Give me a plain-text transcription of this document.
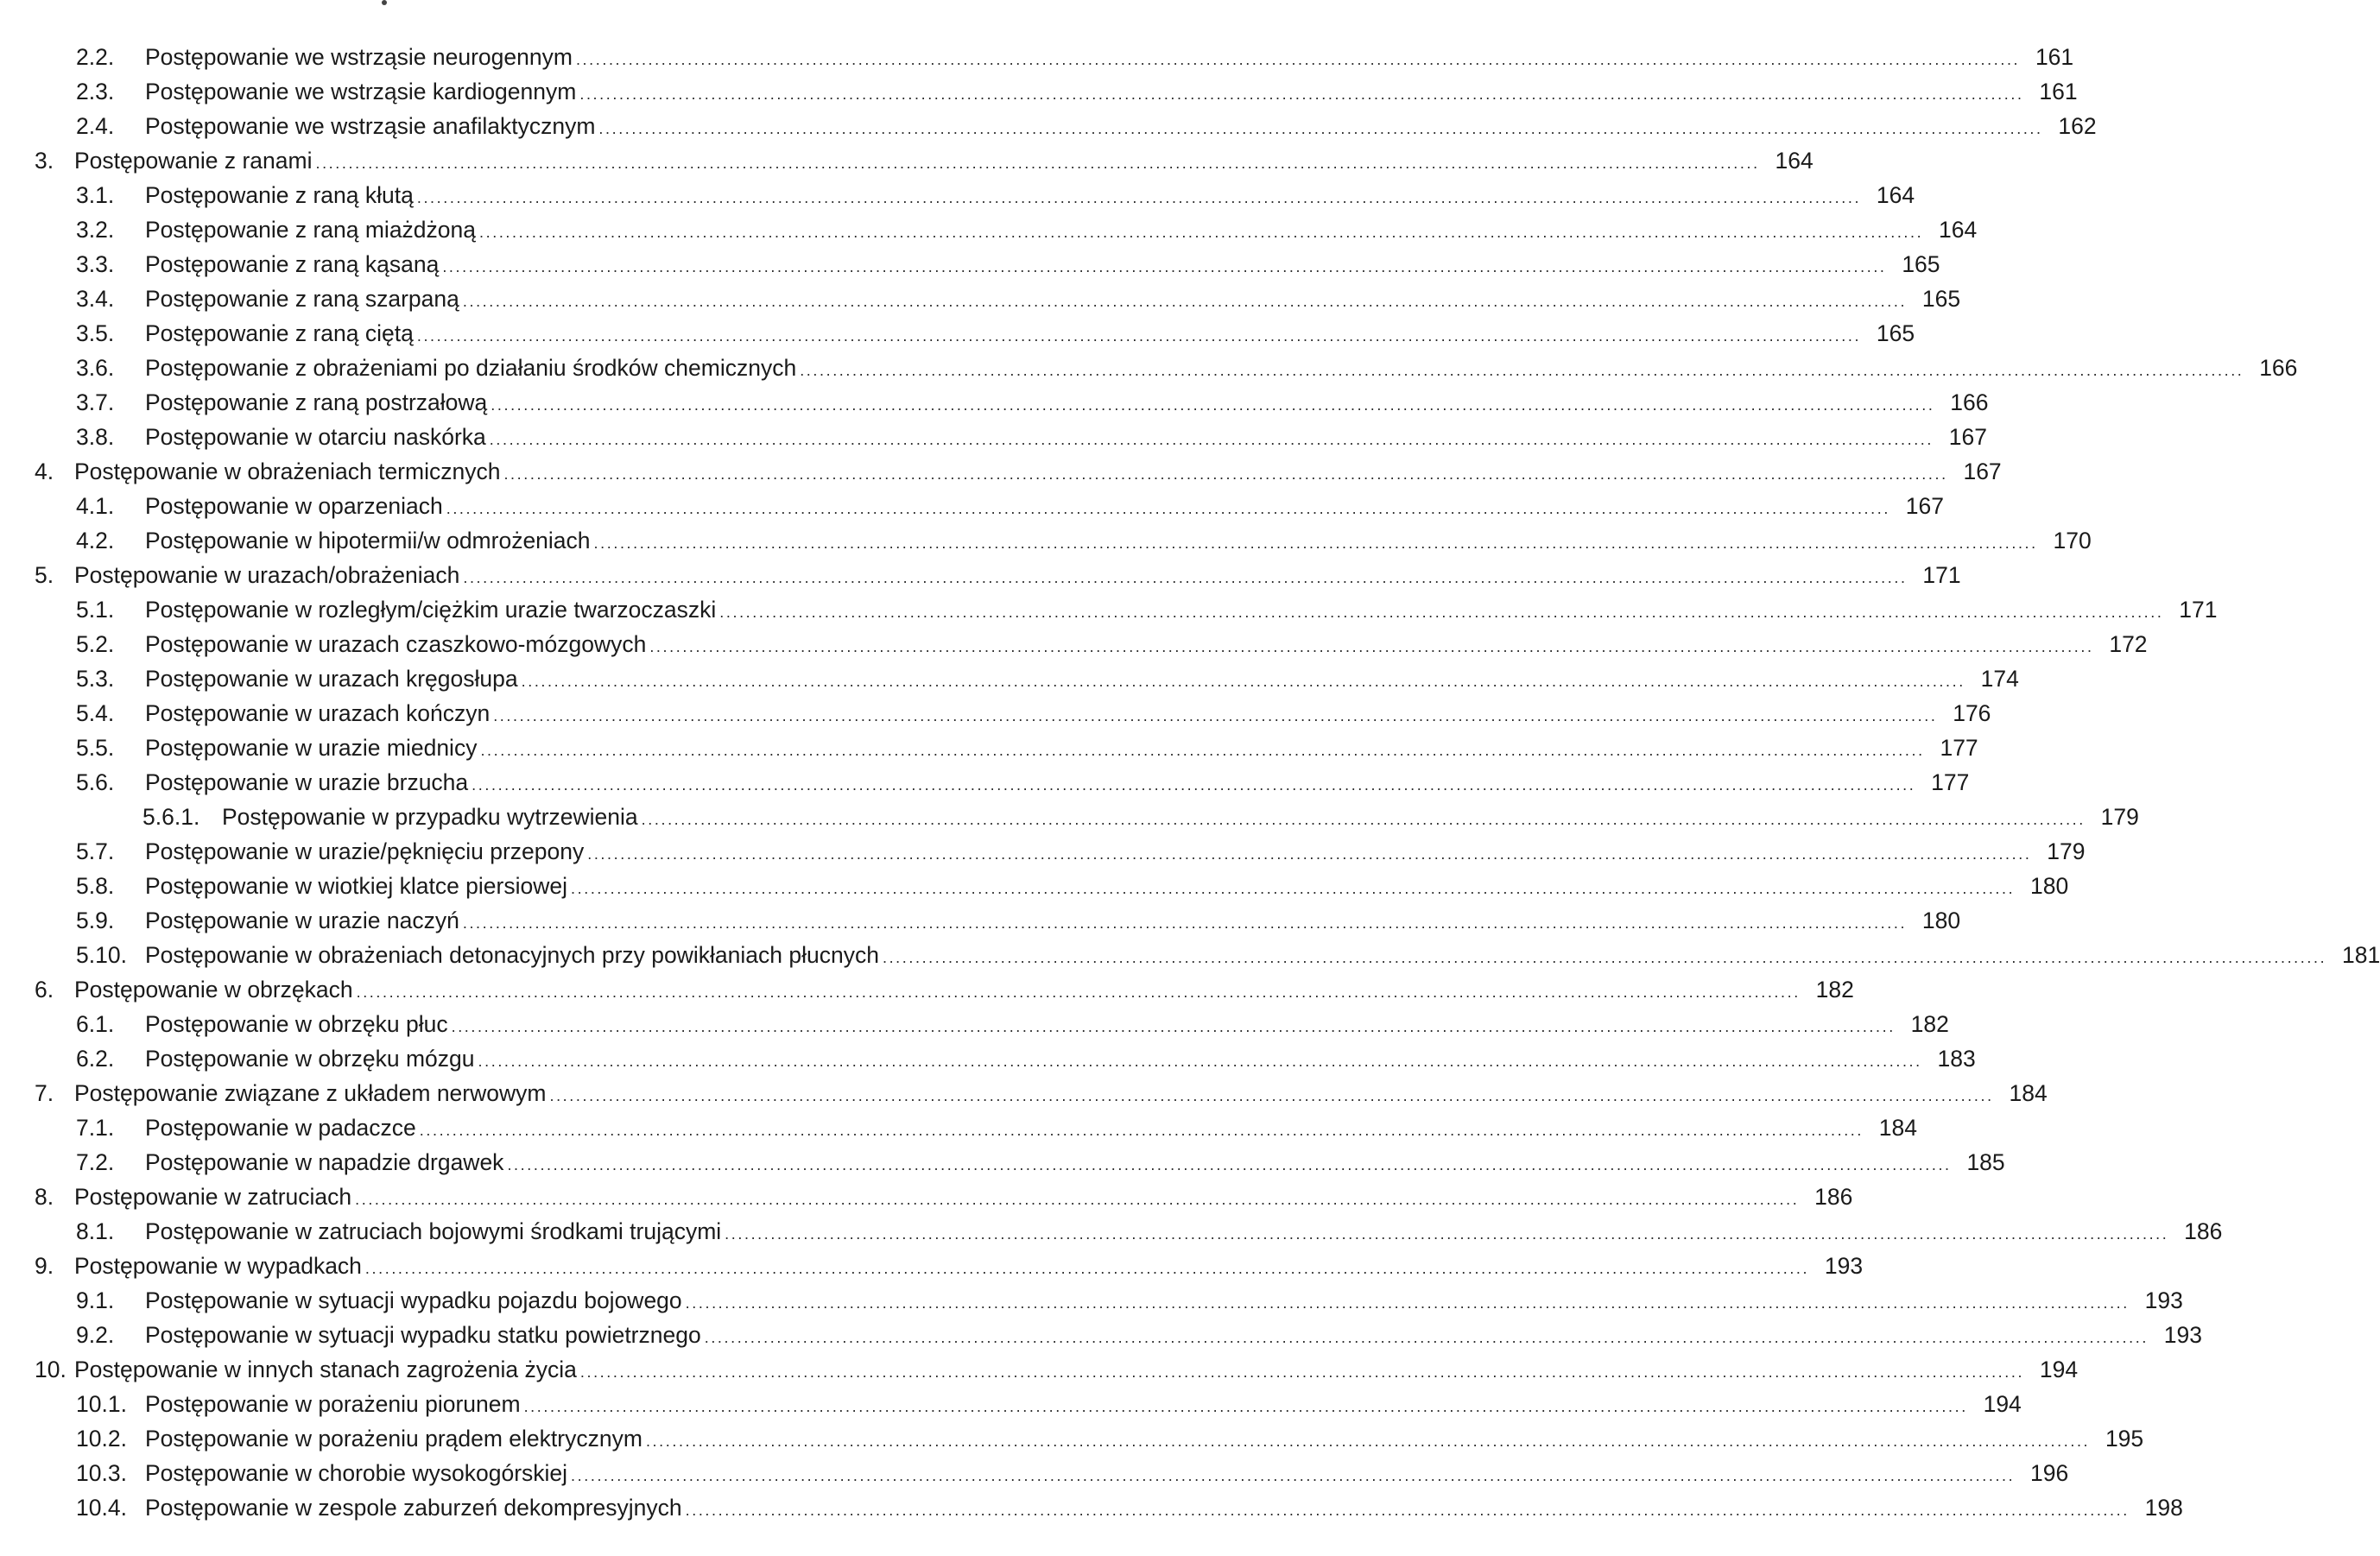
2.2.	Postępowanie we wstrząsie neurogennym ............................................................................................................................................................................................................................ 161
2.3.	Postępowanie we wstrząsie kardiogennym ............................................................................................................................................................................................................................ 161
2.4.	Postępowanie we wstrząsie anafilaktycznym ............................................................................................................................................................................................................................ 162
3. Postępowanie z ranami ............................................................................................................................................................................................................................ 164
3.1.	Postępowanie z raną kłutą ............................................................................................................................................................................................................................ 164
3.2.	Postępowanie z raną miażdżoną ............................................................................................................................................................................................................................ 164
3.3.	Postępowanie z raną kąsaną ............................................................................................................................................................................................................................ 165
3.4.	Postępowanie z raną szarpaną ............................................................................................................................................................................................................................ 165
3.5.	Postępowanie z raną ciętą ............................................................................................................................................................................................................................ 165
3.6.	Postępowanie z obrażeniami po działaniu środków chemicznych ............................................................................................................................................................................................................................ 166
3.7.	Postępowanie z raną postrzałową ............................................................................................................................................................................................................................ 166
3.8.	Postępowanie w otarciu naskórka ............................................................................................................................................................................................................................ 167
4. Postępowanie w obrażeniach termicznych ............................................................................................................................................................................................................................ 167
4.1.	Postępowanie w oparzeniach ............................................................................................................................................................................................................................ 167
4.2.	Postępowanie w hipotermii/w odmrożeniach ............................................................................................................................................................................................................................ 170
5. Postępowanie w urazach/obrażeniach ............................................................................................................................................................................................................................ 171
5.1.	Postępowanie w rozległym/ciężkim urazie twarzoczaszki ............................................................................................................................................................................................................................ 171
5.2.	Postępowanie w urazach czaszkowo-mózgowych ............................................................................................................................................................................................................................ 172
5.3.	Postępowanie w urazach kręgosłupa ............................................................................................................................................................................................................................ 174
5.4.	Postępowanie w urazach kończyn ............................................................................................................................................................................................................................ 176
5.5.	Postępowanie w urazie miednicy ............................................................................................................................................................................................................................ 177
5.6.	Postępowanie w urazie brzucha ............................................................................................................................................................................................................................ 177
5.6.1. Postępowanie w przypadku wytrzewienia ............................................................................................................................................................................................................................ 179
5.7.	Postępowanie w urazie/pęknięciu przepony ............................................................................................................................................................................................................................ 179
5.8.	Postępowanie w wiotkiej klatce piersiowej ............................................................................................................................................................................................................................ 180
5.9.	Postępowanie w urazie naczyń ............................................................................................................................................................................................................................ 180
5.10. Postępowanie w obrażeniach detonacyjnych przy powikłaniach płucnych ............................................................................................................................................................................................................................ 181
6. Postępowanie w obrzękach ............................................................................................................................................................................................................................ 182
6.1.	Postępowanie w obrzęku płuc ............................................................................................................................................................................................................................ 182
6.2.	Postępowanie w obrzęku mózgu ............................................................................................................................................................................................................................ 183
7. Postępowanie związane z układem nerwowym ............................................................................................................................................................................................................................ 184
7.1.	Postępowanie w padaczce ............................................................................................................................................................................................................................ 184
7.2.	Postępowanie w napadzie drgawek ............................................................................................................................................................................................................................ 185
8. Postępowanie w zatruciach ............................................................................................................................................................................................................................ 186
8.1.	Postępowanie w zatruciach bojowymi środkami trującymi ............................................................................................................................................................................................................................ 186
9. Postępowanie w wypadkach ............................................................................................................................................................................................................................ 193
9.1.	Postępowanie w sytuacji wypadku pojazdu bojowego ............................................................................................................................................................................................................................ 193
9.2.	Postępowanie w sytuacji wypadku statku powietrznego ............................................................................................................................................................................................................................ 193
10. Postępowanie w innych stanach zagrożenia życia ............................................................................................................................................................................................................................ 194
10.1. Postępowanie w porażeniu piorunem ............................................................................................................................................................................................................................ 194
10.2. Postępowanie w porażeniu prądem elektrycznym ............................................................................................................................................................................................................................ 195
10.3. Postępowanie w chorobie wysokogórskiej ............................................................................................................................................................................................................................ 196
10.4. Postępowanie w zespole zaburzeń dekompresyjnych ............................................................................................................................................................................................................................ 198
